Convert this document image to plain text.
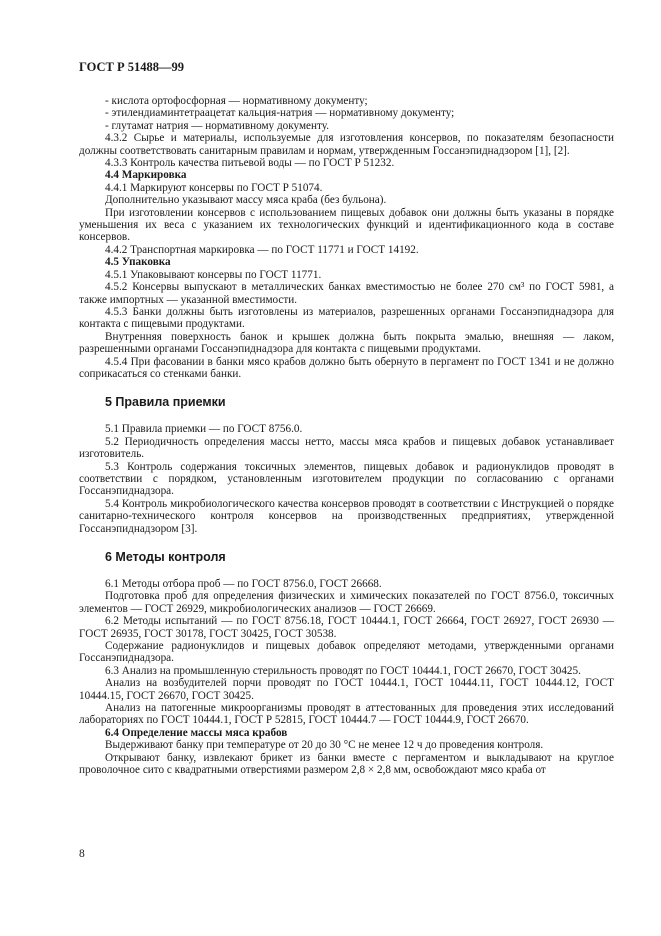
ГОСТ Р 51488—99

- кислота ортофосфорная — нормативному документу;

- этилендиаминтетраацетат кальция-натрия — нормативному документу;

- глутамат натрия — нормативному документу.

4.3.2 Сырье и материалы, используемые для изготовления консервов, по показателям безопасности должны соответствовать санитарным правилам и нормам, утвержденным Госсанэпиднадзором [1], [2].

4.3.3 Контроль качества питьевой воды — по ГОСТ Р 51232.

4.4 Маркировка

4.4.1 Маркируют консервы по ГОСТ Р 51074.

Дополнительно указывают массу мяса краба (без бульона).

При изготовлении консервов с использованием пищевых добавок они должны быть указаны в порядке уменьшения их веса с указанием их технологических функций и идентификационного кода в составе консервов.

4.4.2 Транспортная маркировка — по ГОСТ 11771 и ГОСТ 14192.

4.5 Упаковка

4.5.1 Упаковывают консервы по ГОСТ 11771.

4.5.2 Консервы выпускают в металлических банках вместимостью не более 270 см³ по ГОСТ 5981, а также импортных — указанной вместимости.

4.5.3 Банки должны быть изготовлены из материалов, разрешенных органами Госсанэпиднадзора для контакта с пищевыми продуктами.

Внутренняя поверхность банок и крышек должна быть покрыта эмалью, внешняя — лаком, разрешенными органами Госсанэпиднадзора для контакта с пищевыми продуктами.

4.5.4 При фасовании в банки мясо крабов должно быть обернуто в пергамент по ГОСТ 1341 и не должно соприкасаться со стенками банки.

5 Правила приемки

5.1 Правила приемки — по ГОСТ 8756.0.

5.2 Периодичность определения массы нетто, массы мяса крабов и пищевых добавок устанавливает изготовитель.

5.3 Контроль содержания токсичных элементов, пищевых добавок и радионуклидов проводят в соответствии с порядком, установленным изготовителем продукции по согласованию с органами Госсанэпиднадзора.

5.4 Контроль микробиологического качества консервов проводят в соответствии с Инструкцией о порядке санитарно-технического контроля консервов на производственных предприятиях, утвержденной Госсанэпиднадзором [3].

6 Методы контроля

6.1 Методы отбора проб — по ГОСТ 8756.0, ГОСТ 26668.

Подготовка проб для определения физических и химических показателей по ГОСТ 8756.0, токсичных элементов — ГОСТ 26929, микробиологических анализов — ГОСТ 26669.

6.2 Методы испытаний — по ГОСТ 8756.18, ГОСТ 10444.1, ГОСТ 26664, ГОСТ 26927, ГОСТ 26930 — ГОСТ 26935, ГОСТ 30178, ГОСТ 30425, ГОСТ 30538.

Содержание радионуклидов и пищевых добавок определяют методами, утвержденными органами Госсанэпиднадзора.

6.3 Анализ на промышленную стерильность проводят по ГОСТ 10444.1, ГОСТ 26670, ГОСТ 30425.

Анализ на возбудителей порчи проводят по ГОСТ 10444.1, ГОСТ 10444.11, ГОСТ 10444.12, ГОСТ 10444.15, ГОСТ 26670, ГОСТ 30425.

Анализ на патогенные микроорганизмы проводят в аттестованных для проведения этих исследований лабораториях по ГОСТ 10444.1, ГОСТ Р 52815, ГОСТ 10444.7 — ГОСТ 10444.9, ГОСТ 26670.

6.4 Определение массы мяса крабов

Выдерживают банку при температуре от 20 до 30 °С не менее 12 ч до проведения контроля.

Открывают банку, извлекают брикет из банки вместе с пергаментом и выкладывают на круглое проволочное сито с квадратными отверстиями размером 2,8 × 2,8 мм, освобождают мясо краба от

8
